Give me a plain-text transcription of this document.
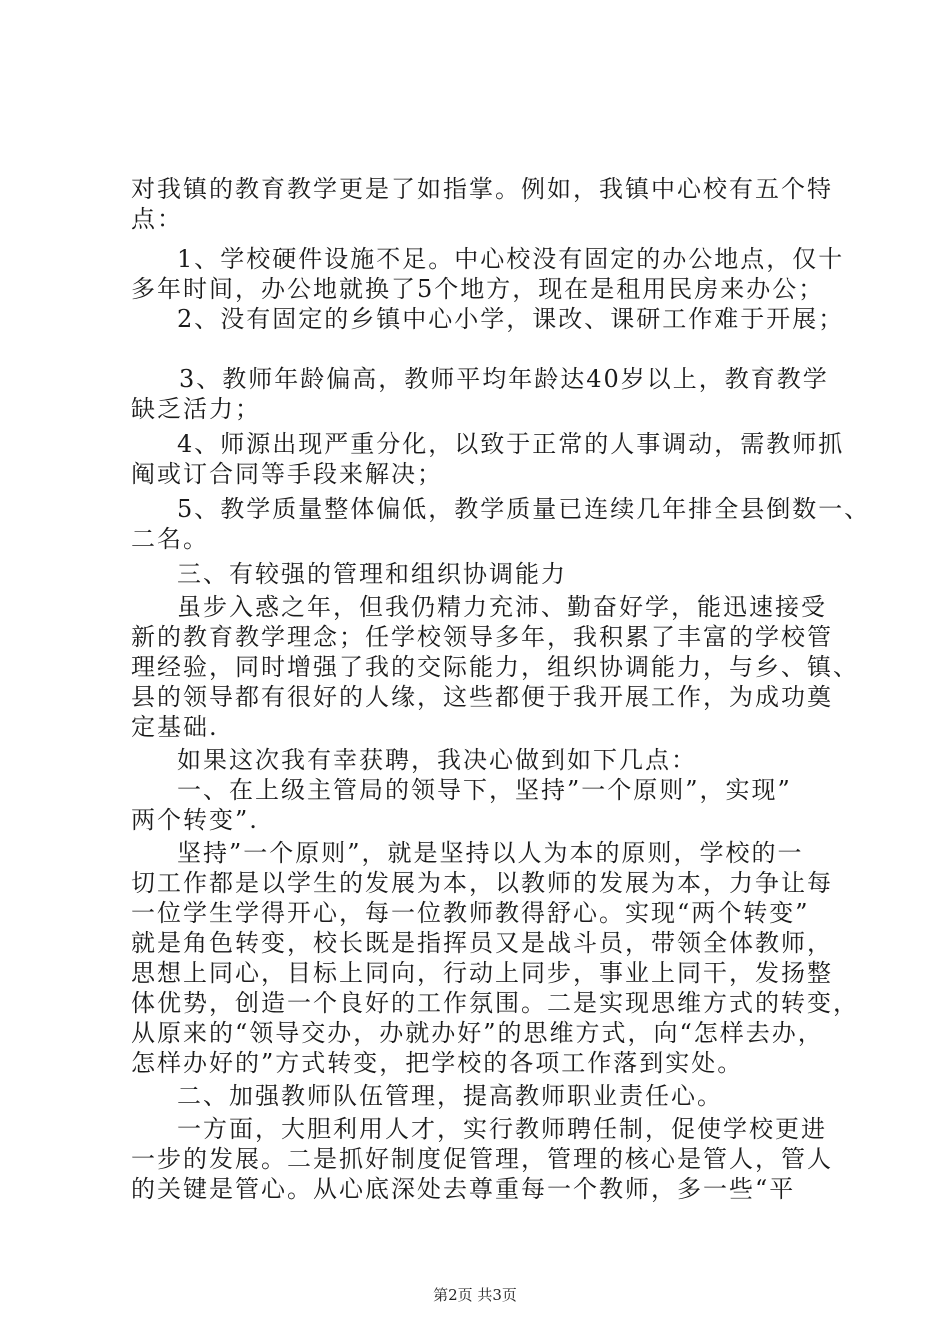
对我镇的教育教学更是了如指掌。例如，我镇中心校有五个特
点：
1、学校硬件设施不足。中心校没有固定的办公地点，仅十
多年时间，办公地就换了5个地方，现在是租用民房来办公；
2、没有固定的乡镇中心小学，课改、课研工作难于开展；
3、教师年龄偏高，教师平均年龄达40岁以上，教育教学
缺乏活力；
4、师源出现严重分化，以致于正常的人事调动，需教师抓
阄或订合同等手段来解决；
5、教学质量整体偏低，教学质量已连续几年排全县倒数一、
二名。
三、有较强的管理和组织协调能力
虽步入惑之年，但我仍精力充沛、勤奋好学，能迅速接受
新的教育教学理念；任学校领导多年，我积累了丰富的学校管
理经验，同时增强了我的交际能力，组织协调能力，与乡、镇、
县的领导都有很好的人缘，这些都便于我开展工作，为成功奠
定基础.
如果这次我有幸获聘，我决心做到如下几点：
一、在上级主管局的领导下，坚持”一个原则”，实现”
两个转变”.
坚持”一个原则”，就是坚持以人为本的原则，学校的一
切工作都是以学生的发展为本，以教师的发展为本，力争让每
一位学生学得开心，每一位教师教得舒心。实现“两个转变”
就是角色转变，校长既是指挥员又是战斗员，带领全体教师，
思想上同心，目标上同向，行动上同步，事业上同干，发扬整
体优势，创造一个良好的工作氛围。二是实现思维方式的转变，
从原来的“领导交办，办就办好”的思维方式，向“怎样去办，
怎样办好的”方式转变，把学校的各项工作落到实处。
二、加强教师队伍管理，提高教师职业责任心。
一方面，大胆利用人才，实行教师聘任制，促使学校更进
一步的发展。二是抓好制度促管理，管理的核心是管人，管人
的关键是管心。从心底深处去尊重每一个教师，多一些“平
第2页 共3页
